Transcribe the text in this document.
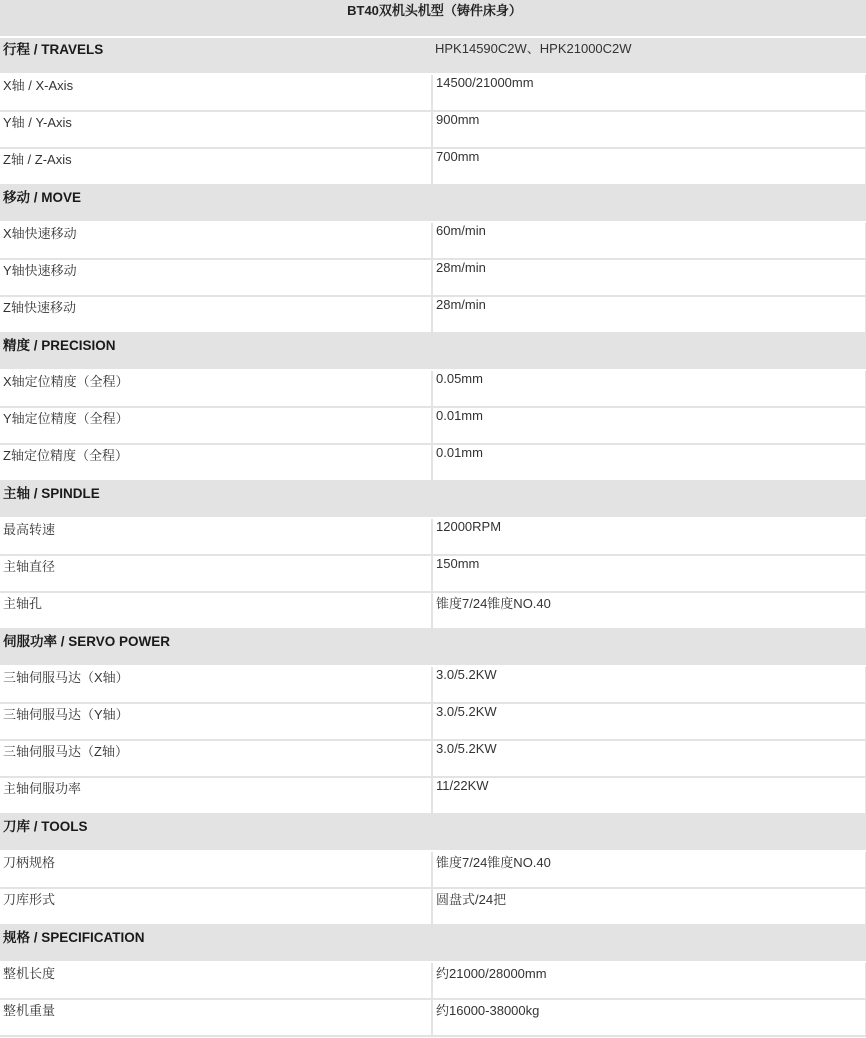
BT40双机头机型（铸件床身）	
行程 / TRAVELS	HPK14590C2W、HPK21000C2W
X轴 / X-Axis	14500/21000mm
Y轴 / Y-Axis	900mm
Z轴 / Z-Axis	700mm
移动 / MOVE	
X轴快速移动	60m/min
Y轴快速移动	28m/min
Z轴快速移动	28m/min
精度 / PRECISION	
X轴定位精度（全程）	0.05mm
Y轴定位精度（全程）	0.01mm
Z轴定位精度（全程）	0.01mm
主轴 / SPINDLE	
最高转速	12000RPM
主轴直径	150mm
主轴孔	锥度7/24锥度NO.40
伺服功率 / SERVO POWER	
三轴伺服马达（X轴）	3.0/5.2KW
三轴伺服马达（Y轴）	3.0/5.2KW
三轴伺服马达（Z轴）	3.0/5.2KW
主轴伺服功率	11/22KW
刀库 / TOOLS	
刀柄规格	锥度7/24锥度NO.40
刀库形式	圆盘式/24把
规格 / SPECIFICATION	
整机长度	约21000/28000mm
整机重量	约16000-38000kg
